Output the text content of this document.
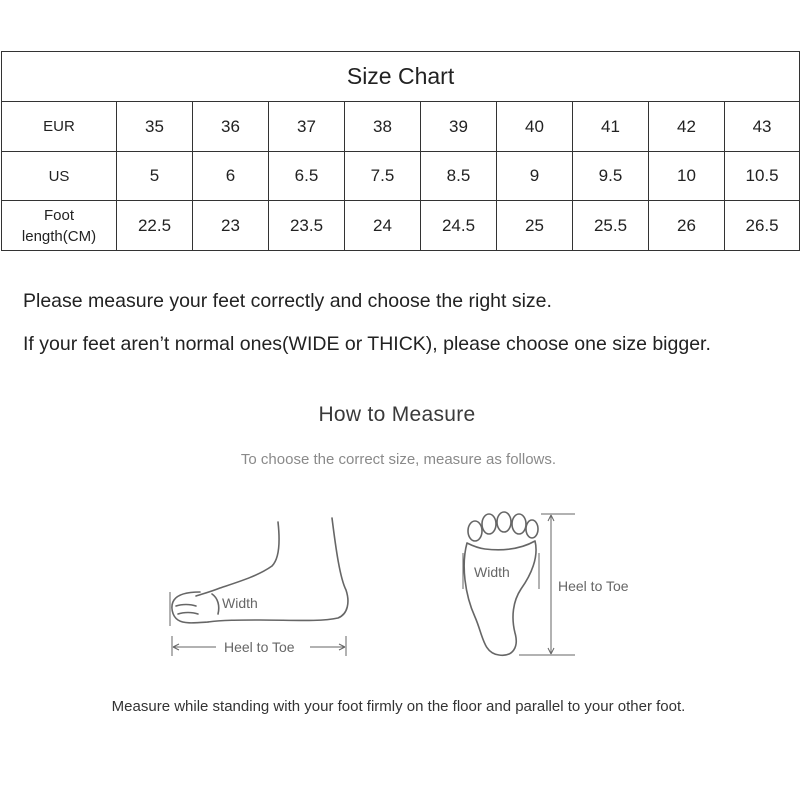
Size Chart									

EUR	35	36	37	38	39	40	41	42	43

US	5	6	6.5	7.5	8.5	9	9.5	10	10.5

Foot
length(CM)	22.5	23	23.5	24	24.5	25	25.5	26	26.5
Please measure your feet correctly and choose the right size.
If your feet aren’t normal ones(WIDE or THICK), please choose one size bigger.
How to Measure
To choose the correct size, measure as follows.
Width
Heel to Toe
Width
Heel to Toe
Measure while standing with your foot firmly on the floor and parallel to your other foot.
